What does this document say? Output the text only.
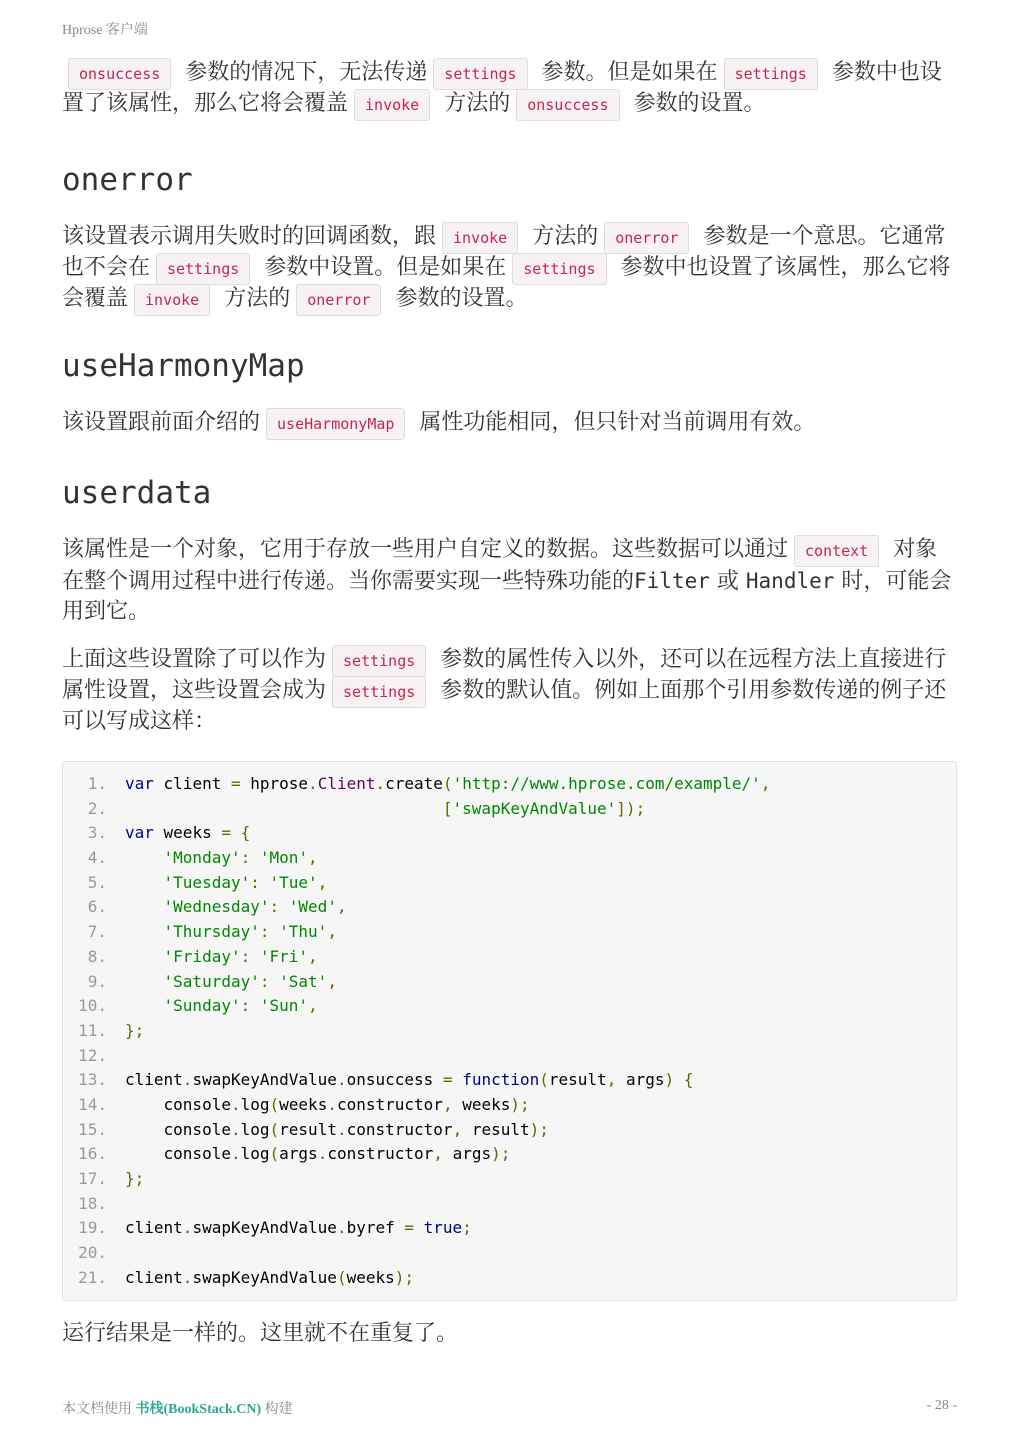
Hprose 客户端

onsuccess 参数的情况下，无法传递 settings 参数。但是如果在 settings 参数中也设置了该属性，那么它将会覆盖 invoke 方法的 onsuccess 参数的设置。

onerror

该设置表示调用失败时的回调函数，跟 invoke 方法的 onerror 参数是一个意思。它通常也不会在 settings 参数中设置。但是如果在 settings 参数中也设置了该属性，那么它将会覆盖 invoke 方法的 onerror 参数的设置。

useHarmonyMap

该设置跟前面介绍的 useHarmonyMap 属性功能相同，但只针对当前调用有效。

userdata

该属性是一个对象，它用于存放一些用户自定义的数据。这些数据可以通过 context 对象在整个调用过程中进行传递。当你需要实现一些特殊功能的Filter 或 Handler 时，可能会用到它。

上面这些设置除了可以作为 settings 参数的属性传入以外，还可以在远程方法上直接进行属性设置，这些设置会成为 settings 参数的默认值。例如上面那个引用参数传递的例子还可以写成这样：

1.	var client = hprose.Client.create('http://www.hprose.com/example/',
2.	['swapKeyAndValue']);
3.	var weeks = {
4.	'Monday': 'Mon',
5.	'Tuesday': 'Tue',
6.	'Wednesday': 'Wed',
7.	'Thursday': 'Thu',
8.	'Friday': 'Fri',
9.	'Saturday': 'Sat',
10.	'Sunday': 'Sun',
11.	};
12.
13.	client.swapKeyAndValue.onsuccess = function(result, args) {
14.	console.log(weeks.constructor, weeks);
15.	console.log(result.constructor, result);
16.	console.log(args.constructor, args);
17.	};
18.
19.	client.swapKeyAndValue.byref = true;
20.
21.	client.swapKeyAndValue(weeks);

运行结果是一样的。这里就不在重复了。

本文档使用 书栈(BookStack.CN) 构建	- 28 -
